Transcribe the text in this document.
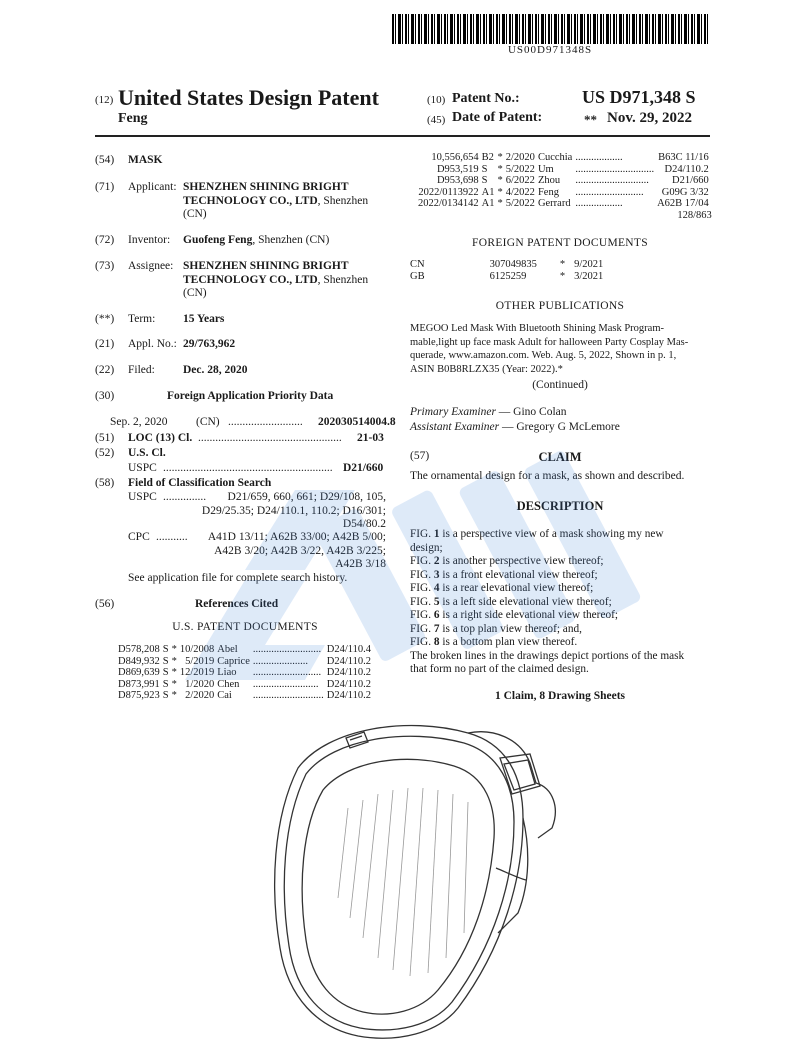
US00D971348S
(12) United States Design Patent
Feng
(10) Patent No.:	US D971,348 S
(45) Date of Patent:	** Nov. 29, 2022
(54) MASK
(71) Applicant: SHENZHEN SHINING BRIGHT
TECHNOLOGY CO., LTD, Shenzhen
(CN)
(72) Inventor: Guofeng Feng, Shenzhen (CN)
(73) Assignee: SHENZHEN SHINING BRIGHT
TECHNOLOGY CO., LTD, Shenzhen
(CN)
(**) Term: 15 Years
(21) Appl. No.: 29/763,962
(22) Filed: Dec. 28, 2020
(30)	Foreign Application Priority Data
Sep. 2, 2020 (CN) .......................... 202030514004.8
(51) LOC (13) Cl. .................................................. 21-03
(52) U.S. Cl.
USPC ........................................................... D21/660
(58) Field of Classification Search
USPC ...............	D21/659, 660, 661; D29/108, 105,
D29/25.35; D24/110.1, 110.2; D16/301;
D54/80.2
CPC ...........	A41D 13/11; A62B 33/00; A42B 5/00;
A42B 3/20; A42B 3/22, A42B 3/225;
A42B 3/18
See application file for complete search history.
(56)	References Cited
U.S. PATENT DOCUMENTS
D578,208	S	*	10/2008	Abel	..........................	D24/110.4
D849,932	S	*	5/2019	Caprice	.....................	D24/110.2
D869,639	S	*	12/2019	Liao	..........................	D24/110.2
D873,991	S	*	1/2020	Chen	.........................	D24/110.2
D875,923	S	*	2/2020	Cai	...........................	D24/110.2
10,556,654	B2	*	2/2020	Cucchia	..................	B63C 11/16
D953,519	S	*	5/2022	Um	..............................	D24/110.2
D953,698	S	*	6/2022	Zhou	............................	D21/660
2022/0113922	A1	*	4/2022	Feng	..........................	G09G 3/32
2022/0134142	A1	*	5/2022	Gerrard	..................	A62B 17/04
128/863
FOREIGN PATENT DOCUMENTS
CN	307049835	*	9/2021
GB	6125259	*	3/2021
OTHER PUBLICATIONS
MEGOO Led Mask With Bluetooth Shining Mask Program-
mable,light up face mask Adult for halloween Party Cosplay Mas-
querade, www.amazon.com. Web. Aug. 5, 2022, Shown in p. 1,
ASIN B0B8RLZX35 (Year: 2022).*
(Continued)
Primary Examiner — Gino Colan
Assistant Examiner — Gregory G McLemore
(57)	CLAIM
The ornamental design for a mask, as shown and described.
DESCRIPTION
FIG. 1 is a perspective view of a mask showing my new
design;
FIG. 2 is another perspective view thereof;
FIG. 3 is a front elevational view thereof;
FIG. 4 is a rear elevational view thereof;
FIG. 5 is a left side elevational view thereof;
FIG. 6 is a right side elevational view thereof;
FIG. 7 is a top plan view thereof; and,
FIG. 8 is a bottom plan view thereof.
The broken lines in the drawings depict portions of the mask
that form no part of the claimed design.
1 Claim, 8 Drawing Sheets
